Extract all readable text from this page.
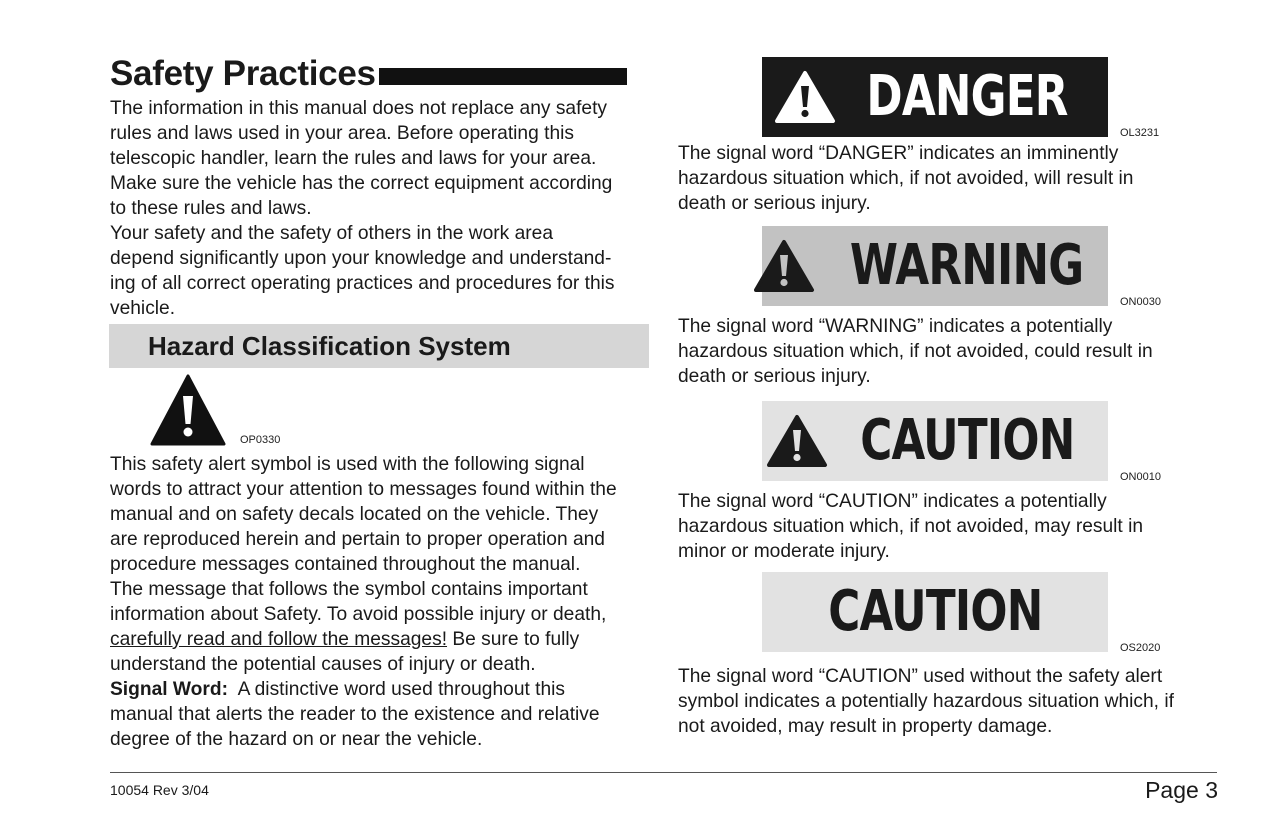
Safety Practices

The information in this manual does not replace any safety
rules and laws used in your area. Before operating this
telescopic handler, learn the rules and laws for your area.
Make sure the vehicle has the correct equipment according
to these rules and laws.
Your safety and the safety of others in the work area
depend significantly upon your knowledge and understand-
ing of all correct operating practices and procedures for this
vehicle.

Hazard Classification System
OP0330

This safety alert symbol is used with the following signal
words to attract your attention to messages found within the
manual and on safety decals located on the vehicle. They
are reproduced herein and pertain to proper operation and
procedure messages contained throughout the manual.
The message that follows the symbol contains important
information about Safety. To avoid possible injury or death,
carefully read and follow the messages! Be sure to fully
understand the potential causes of injury or death.
Signal Word:  A distinctive word used throughout this
manual that alerts the reader to the existence and relative
degree of the hazard on or near the vehicle.

DANGER
OL3231

The signal word “DANGER” indicates an imminently
hazardous situation which, if not avoided, will result in
death or serious injury.

WARNING
ON0030

The signal word “WARNING” indicates a potentially
hazardous situation which, if not avoided, could result in
death or serious injury.

CAUTION
ON0010

The signal word “CAUTION” indicates a potentially
hazardous situation which, if not avoided, may result in
minor or moderate injury.

CAUTION
OS2020

The signal word “CAUTION” used without the safety alert
symbol indicates a potentially hazardous situation which, if
not avoided, may result in property damage.

10054 Rev 3/04	Page 3
